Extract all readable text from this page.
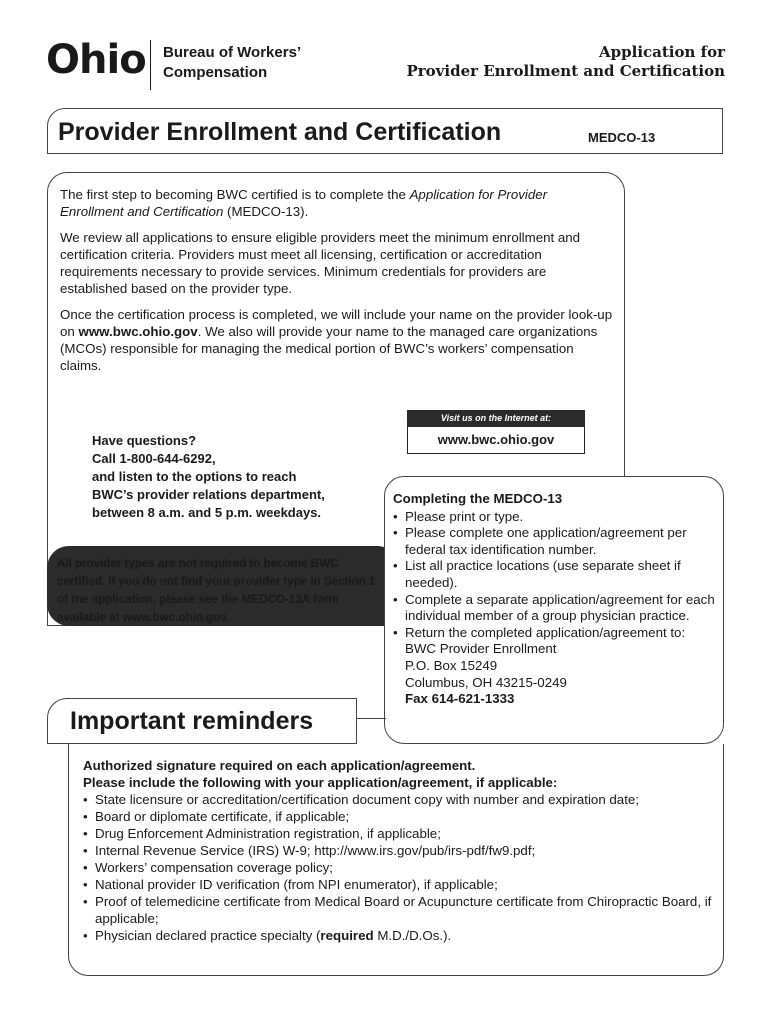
Ohio Bureau of Workers’
Compensation
Application for
Provider Enrollment and Certification
Provider Enrollment and Certification	MEDCO-13

The first step to becoming BWC certified is to complete the Application for Provider Enrollment and Certification (MEDCO-13).

We review all applications to ensure eligible providers meet the minimum enrollment and certification criteria. Providers must meet all licensing, certification or accreditation requirements necessary to provide services. Minimum credentials for providers are established based on the provider type.

Once the certification process is completed, we will include your name on the provider look-up on www.bwc.ohio.gov. We also will provide your name to the managed care organizations (MCOs) responsible for managing the medical portion of BWC’s workers’ compensation claims.

Visit us on the Internet at:
www.bwc.ohio.gov
Have questions?
Call 1-800-644-6292,
and listen to the options to reach
BWC’s provider relations department,
between 8 a.m. and 5 p.m. weekdays.
All provider types are not required to become BWC certified. If you do not find your provider type in Section 1 of the application, please see the MEDCO-13A form available at www.bwc.ohio.gov.
Completing the MEDCO-13
• Please print or type.
• Please complete one application/agreement per federal tax identification number.
• List all practice locations (use separate sheet if needed).
• Complete a separate application/agreement for each individual member of a group physician practice.
• Return the completed application/agreement to:
BWC Provider Enrollment
P.O. Box 15249
Columbus, OH 43215-0249
Fax 614-621-1333
Important reminders
Authorized signature required on each application/agreement.
Please include the following with your application/agreement, if applicable:
• State licensure or accreditation/certification document copy with number and expiration date;
• Board or diplomate certificate, if applicable;
• Drug Enforcement Administration registration, if applicable;
• Internal Revenue Service (IRS) W-9; http://www.irs.gov/pub/irs-pdf/fw9.pdf;
• Workers’ compensation coverage policy;
• National provider ID verification (from NPI enumerator), if applicable;
• Proof of telemedicine certificate from Medical Board or Acupuncture certificate from Chiropractic Board, if applicable;
• Physician declared practice specialty (required M.D./D.Os.).
